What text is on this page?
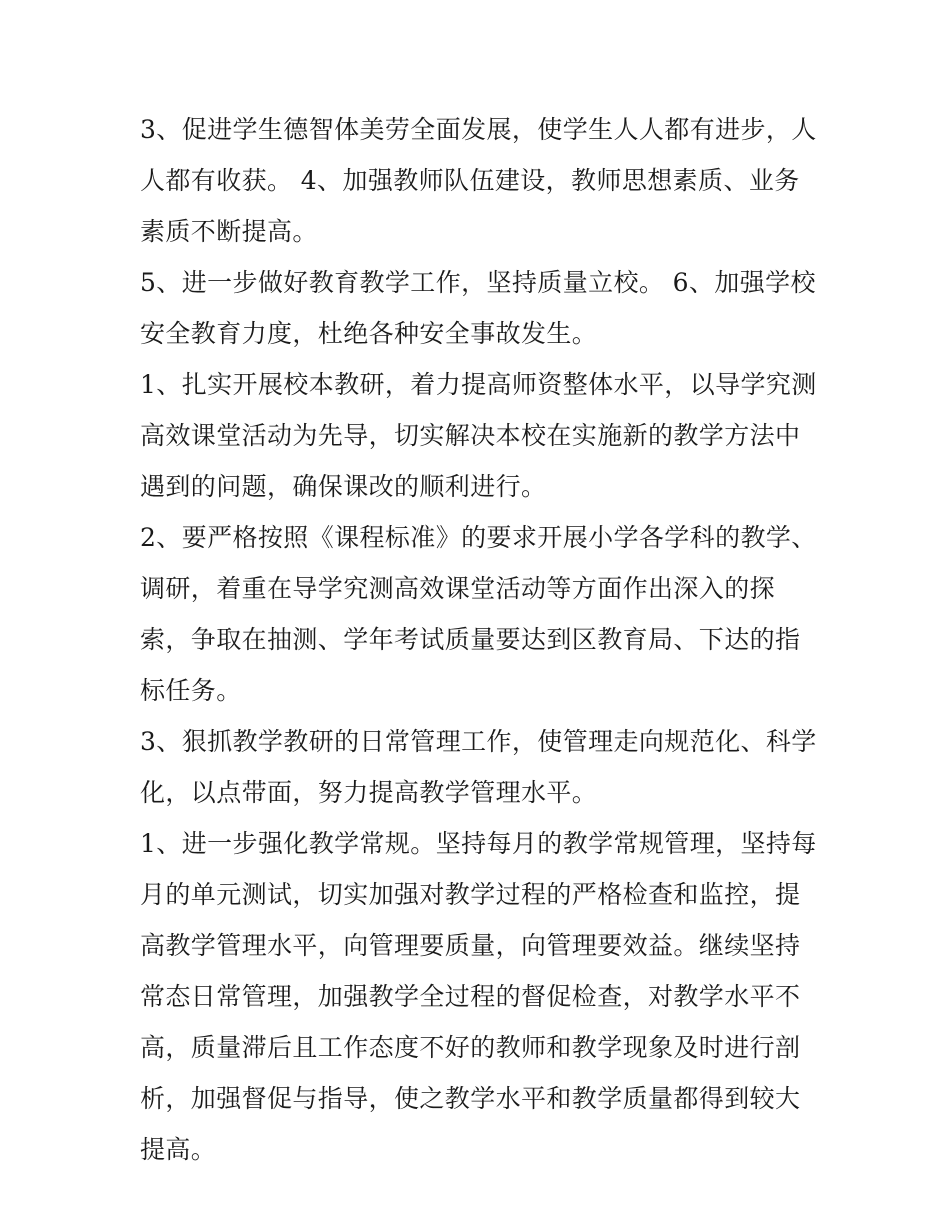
3、促进学生德智体美劳全面发展，使学生人人都有进步，人人都有收获。 4、加强教师队伍建设，教师思想素质、业务素质不断提高。

5、进一步做好教育教学工作，坚持质量立校。 6、加强学校安全教育力度，杜绝各种安全事故发生。

1、扎实开展校本教研，着力提高师资整体水平，以导学究测高效课堂活动为先导，切实解决本校在实施新的教学方法中遇到的问题，确保课改的顺利进行。

2、要严格按照《课程标准》的要求开展小学各学科的教学、调研，着重在导学究测高效课堂活动等方面作出深入的探索，争取在抽测、学年考试质量要达到区教育局、下达的指标任务。

3、狠抓教学教研的日常管理工作，使管理走向规范化、科学化，以点带面，努力提高教学管理水平。

1、进一步强化教学常规。坚持每月的教学常规管理，坚持每月的单元测试，切实加强对教学过程的严格检查和监控，提高教学管理水平，向管理要质量，向管理要效益。继续坚持常态日常管理，加强教学全过程的督促检查，对教学水平不高，质量滞后且工作态度不好的教师和教学现象及时进行剖析，加强督促与指导，使之教学水平和教学质量都得到较大提高。
